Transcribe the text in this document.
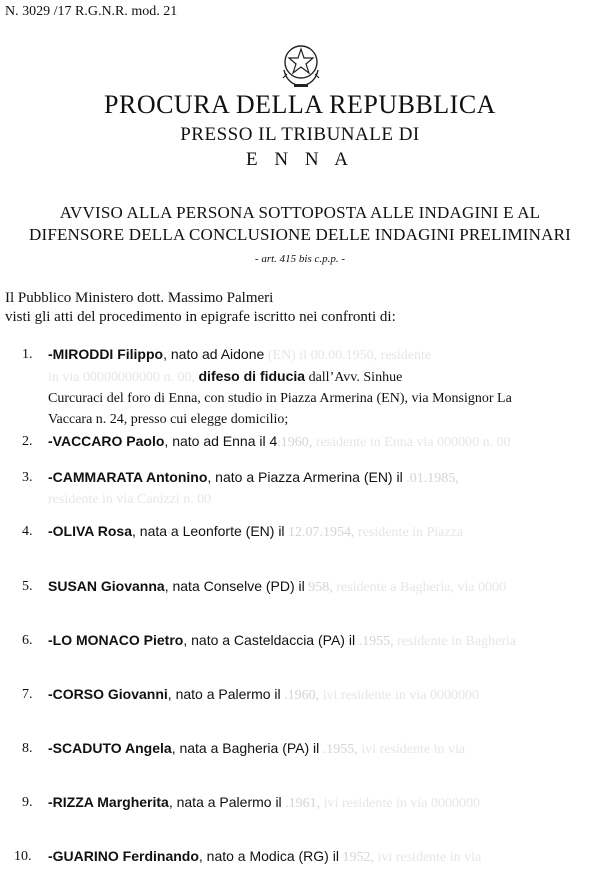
N. 3029 /17 R.G.N.R. mod. 21
PROCURA DELLA REPUBBLICA
PRESSO IL TRIBUNALE DI
E N N A
AVVISO ALLA PERSONA SOTTOPOSTA ALLE INDAGINI E AL
DIFENSORE DELLA CONCLUSIONE DELLE INDAGINI PRELIMINARI
- art. 415 bis c.p.p. -
Il Pubblico Ministero dott. Massimo Palmeri
visti gli atti del procedimento in epigrafe iscritto nei confronti di:
1.	-MIRODDI Filippo, nato ad Aidone (EN) il 00.00.1950, residente
in via 00000000000 n. 00, difeso di fiducia dall’Avv. Sinhue
Curcuraci del foro di Enna, con studio in Piazza Armerina (EN), via Monsignor La
Vaccara n. 24, presso cui elegge domicilio;
2.	-VACCARO Paolo, nato ad Enna il 4.1960, residente in Enna via 000000 n. 00
3.	-CAMMARATA Antonino, nato a Piazza Armerina (EN) il .01.1985,
residente in via Canizzi n. 00
4.	-OLIVA Rosa, nata a Leonforte (EN) il 12.07.1954, residente in Piazza
5.	SUSAN Giovanna, nata Conselve (PD) il 958, residente a Bagheria, via 0000
6.	-LO MONACO Pietro, nato a Casteldaccia (PA) il .1955, residente in Bagheria
7.	-CORSO Giovanni, nato a Palermo il .1960, ivi residente in via 0000000
8.	-SCADUTO Angela, nata a Bagheria (PA) il .1955, ivi residente in via
9.	-RIZZA Margherita, nata a Palermo il .1961, ivi residente in via 0000000
10.	-GUARINO Ferdinando, nato a Modica (RG) il 1952, ivi residente in via
